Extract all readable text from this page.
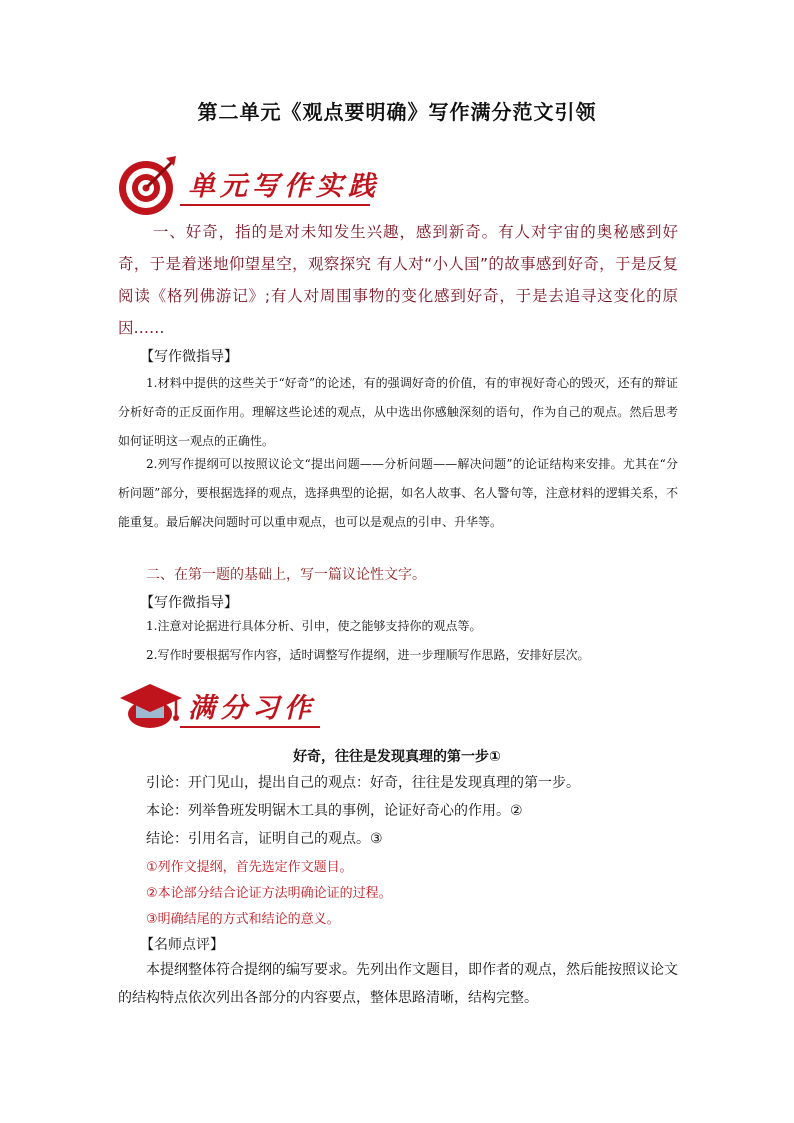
第二单元《观点要明确》写作满分范文引领
单元写作实践
一、好奇，指的是对未知发生兴趣，感到新奇。有人对宇宙的奥秘感到好奇，于是着迷地仰望星空，观察探究 有人对“小人国”的故事感到好奇，于是反复阅读《格列佛游记》;有人对周围事物的变化感到好奇，于是去追寻这变化的原因……
【写作微指导】
1.材料中提供的这些关于“好奇”的论述，有的强调好奇的价值，有的审视好奇心的毁灭，还有的辩证分析好奇的正反面作用。理解这些论述的观点，从中选出你感触深刻的语句，作为自己的观点。然后思考如何证明这一观点的正确性。
2.列写作提纲可以按照议论文“提出问题——分析问题——解决问题”的论证结构来安排。尤其在“分析问题”部分，要根据选择的观点，选择典型的论据，如名人故事、名人警句等，注意材料的逻辑关系，不能重复。最后解决问题时可以重申观点，也可以是观点的引申、升华等。
二、在第一题的基础上，写一篇议论性文字。
【写作微指导】
1.注意对论据进行具体分析、引申，使之能够支持你的观点等。
2.写作时要根据写作内容，适时调整写作提纲，进一步理顺写作思路，安排好层次。
满分习作
好奇，往往是发现真理的第一步①
引论：开门见山，提出自己的观点：好奇，往往是发现真理的第一步。
本论：列举鲁班发明锯木工具的事例，论证好奇心的作用。②
结论：引用名言，证明自己的观点。③
①列作文提纲，首先选定作文题目。
②本论部分结合论证方法明确论证的过程。
③明确结尾的方式和结论的意义。
【名师点评】
本提纲整体符合提纲的编写要求。先列出作文题目，即作者的观点，然后能按照议论文的结构特点依次列出各部分的内容要点，整体思路清晰，结构完整。
